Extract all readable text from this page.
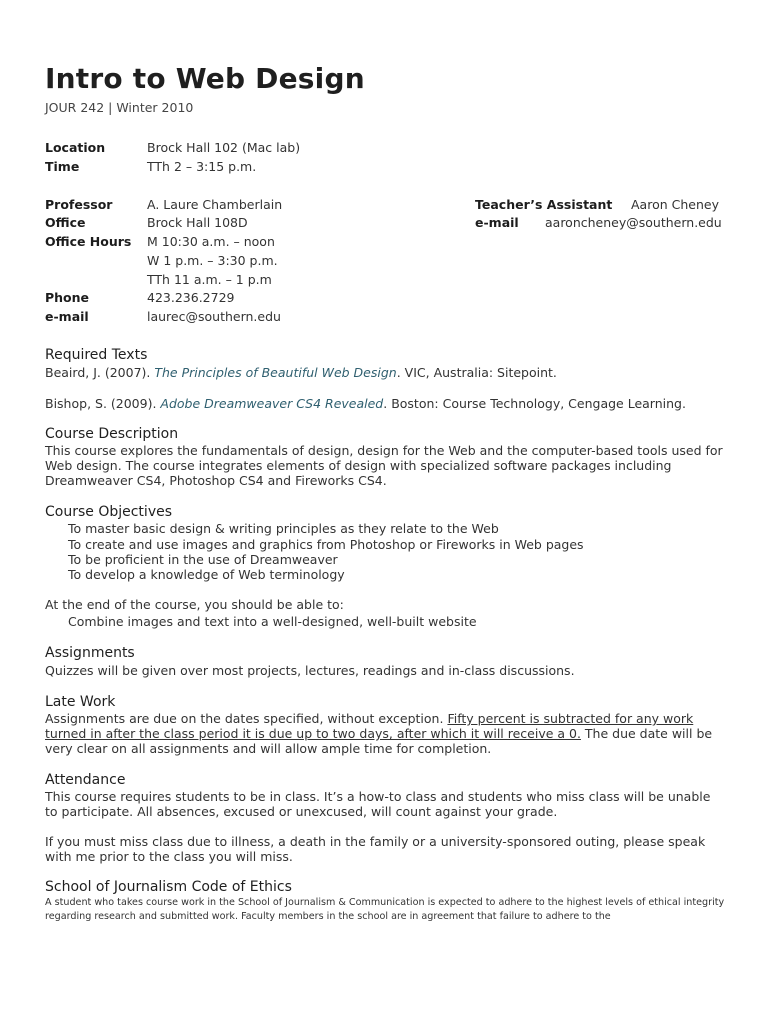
Intro to Web Design
JOUR 242 | Winter 2010
Location	Brock Hall 102 (Mac lab)
Time	TTh 2 – 3:15 p.m.
Professor	A. Laure Chamberlain
Office	Brock Hall 108D
Office Hours M 10:30 a.m. – noon
W 1 p.m. – 3:30 p.m.
TTh 11 a.m. – 1 p.m
Phone	423.236.2729
e-mail	laurec@southern.edu
Teacher’s Assistant Aaron Cheney
e-mail aaroncheney@southern.edu
Required Texts
Beaird, J. (2007). The Principles of Beautiful Web Design. VIC, Australia: Sitepoint.
Bishop, S. (2009). Adobe Dreamweaver CS4 Revealed. Boston: Course Technology, Cengage Learning.
Course Description
This course explores the fundamentals of design, design for the Web and the computer-based tools used for Web design. The course integrates elements of design with specialized software packages including Dreamweaver CS4, Photoshop CS4 and Fireworks CS4.
Course Objectives
To master basic design & writing principles as they relate to the Web
To create and use images and graphics from Photoshop or Fireworks in Web pages
To be proficient in the use of Dreamweaver
To develop a knowledge of Web terminology
At the end of the course, you should be able to:
Combine images and text into a well-designed, well-built website
Assignments
Quizzes will be given over most projects, lectures, readings and in-class discussions.
Late Work
Assignments are due on the dates specified, without exception. Fifty percent is subtracted for any work turned in after the class period it is due up to two days, after which it will receive a 0. The due date will be very clear on all assignments and will allow ample time for completion.
Attendance
This course requires students to be in class. It’s a how-to class and students who miss class will be unable to participate. All absences, excused or unexcused, will count against your grade.
If you must miss class due to illness, a death in the family or a university-sponsored outing, please speak with me prior to the class you will miss.
School of Journalism Code of Ethics
A student who takes course work in the School of Journalism & Communication is expected to adhere to the highest levels of ethical integrity regarding research and submitted work. Faculty members in the school are in agreement that failure to adhere to the
